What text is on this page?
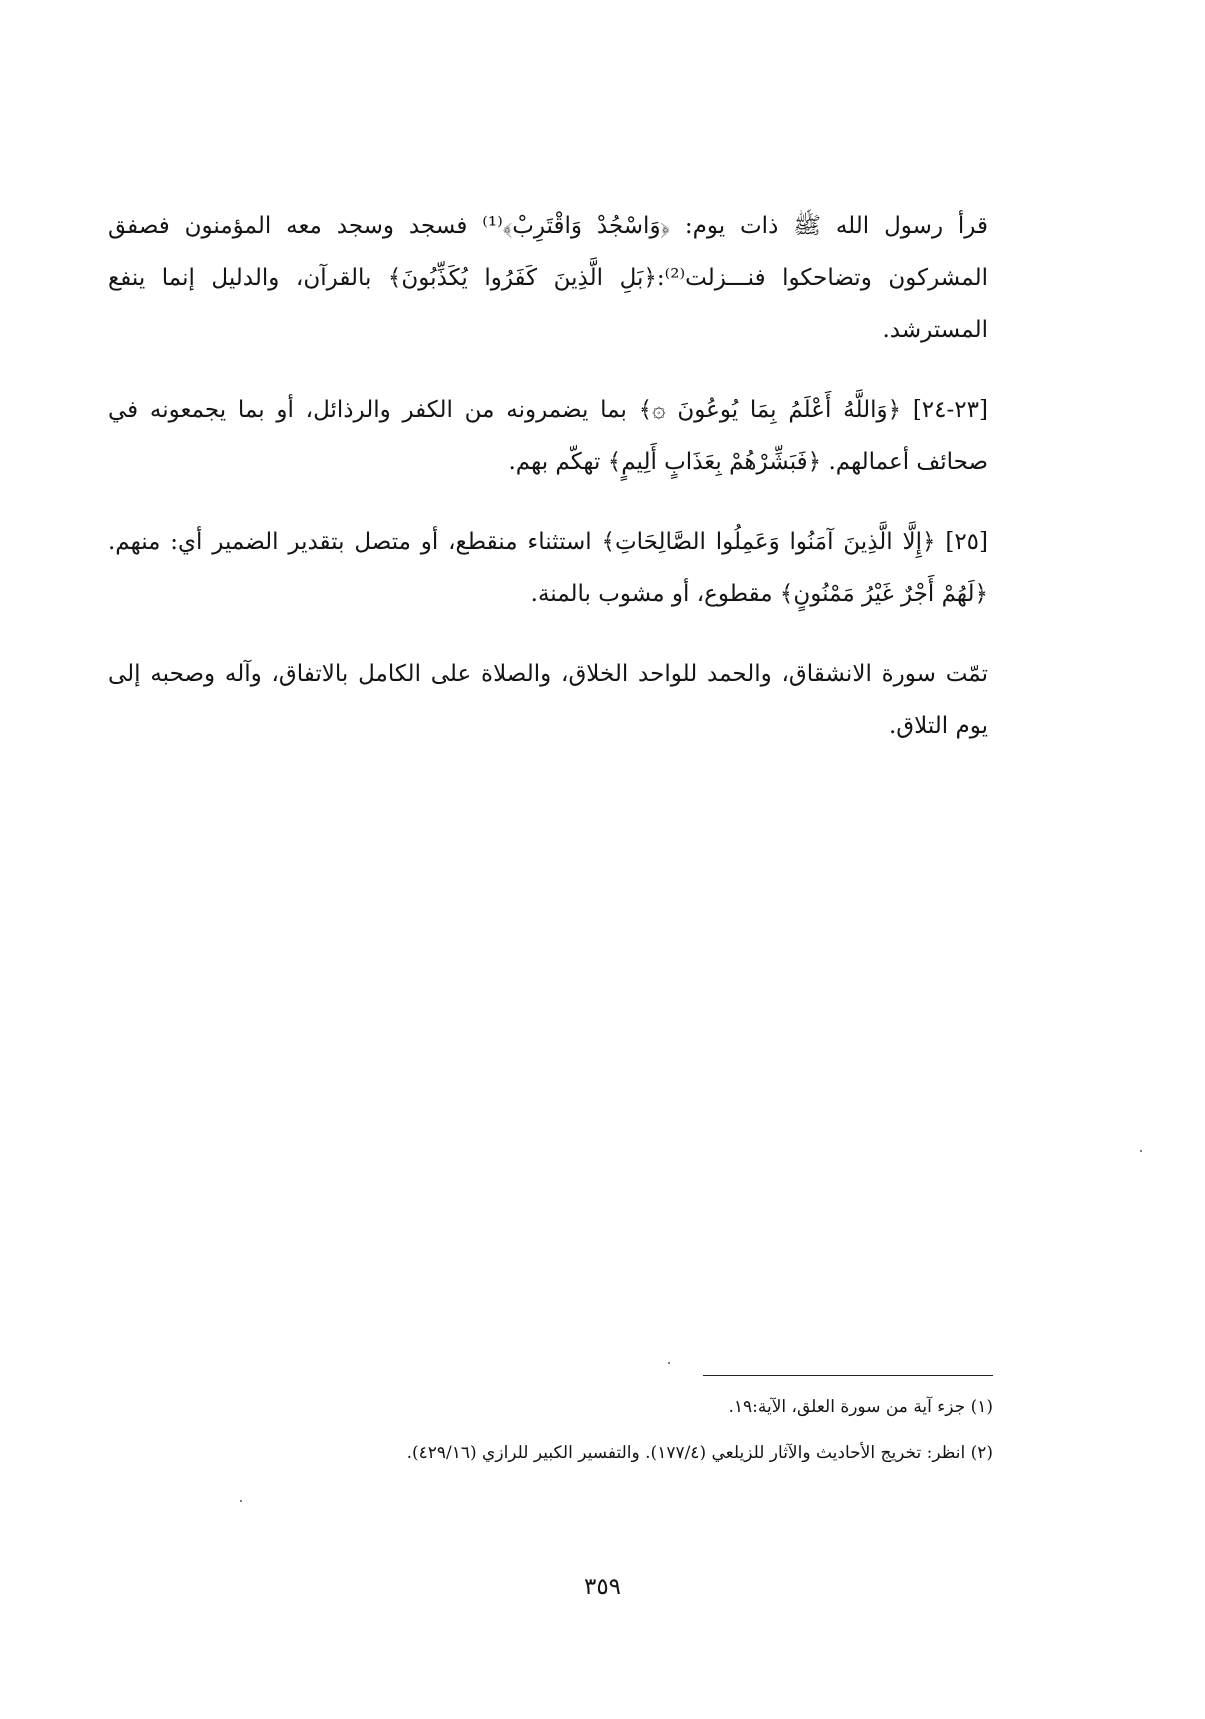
قرأ رسول الله ﷺ ذات يوم: ﴿وَاسْجُدْ وَاقْتَرِبْ﴾⁽¹⁾ فسجد وسجد معه المؤمنون فصفق المشركون وتضاحكوا فنـــزلت⁽²⁾:﴿بَلِ الَّذِينَ كَفَرُوا يُكَذِّبُونَ﴾ بالقرآن، والدليل إنما ينفع المسترشد.

[٢٣-٢٤] ﴿وَاللَّهُ أَعْلَمُ بِمَا يُوعُونَ ۞﴾ بما يضمرونه من الكفر والرذائل، أو بما يجمعونه في صحائف أعمالهم. ﴿فَبَشِّرْهُمْ بِعَذَابٍ أَلِيمٍ﴾ تهكّم بهم.

[٢٥] ﴿إِلَّا الَّذِينَ آمَنُوا وَعَمِلُوا الصَّالِحَاتِ﴾ استثناء منقطع، أو متصل بتقدير الضمير أي: منهم. ﴿لَهُمْ أَجْرٌ غَيْرُ مَمْنُونٍ﴾ مقطوع، أو مشوب بالمنة.

تمّت سورة الانشقاق، والحمد للواحد الخلاق، والصلاة على الكامل بالاتفاق، وآله وصحبه إلى يوم التلاق.

(١) جزء آية من سورة العلق، الآية:١٩.

(٢) انظر: تخريج الأحاديث والآثار للزيلعي (١٧٧/٤). والتفسير الكبير للرازي (٤٢٩/١٦).

٣٥٩
